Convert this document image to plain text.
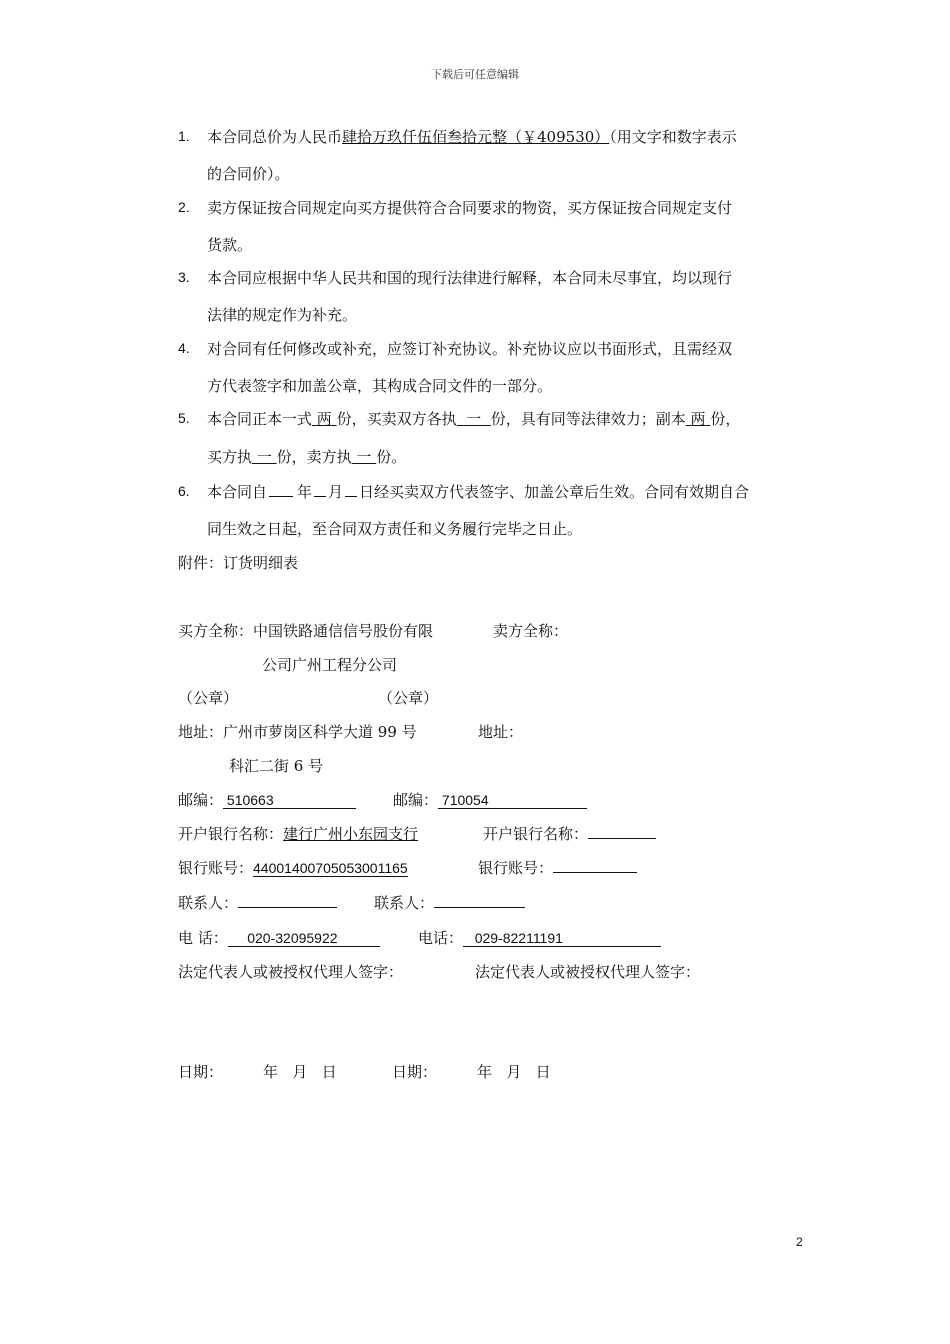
下载后可任意编辑
1. 本合同总价为人民币肆拾万玖仟伍佰叁拾元整（￥409530）（用文字和数字表示
的合同价）。
2. 卖方保证按合同规定向买方提供符合合同要求的物资，买方保证按合同规定支付
货款。
3. 本合同应根据中华人民共和国的现行法律进行解释，本合同未尽事宜，均以现行
法律的规定作为补充。
4. 对合同有任何修改或补充，应签订补充协议。补充协议应以书面形式，且需经双
方代表签字和加盖公章，其构成合同文件的一部分。
5. 本合同正本一式 两 份，买卖双方各执 一 份，具有同等法律效力；副本 两 份，
买方执 一 份，卖方执 一 份。
6. 本合同自 年 月 日经买卖双方代表签字、加盖公章后生效。合同有效期自合
同生效之日起，至合同双方责任和义务履行完毕之日止。
附件：订货明细表
买方全称：中国铁路通信信号股份有限	卖方全称：
公司广州工程分公司
（公章）	（公章）
地址：广州市萝岗区科学大道 99 号	地址：
科汇二街 6 号
邮编： 510663	邮编： 710054
开户银行名称：建行广州小东园支行	开户银行名称：
银行账号：44001400705053001165	银行账号：
联系人：	联系人：
电 话： 020-32095922	电话： 029-82211191
法定代表人或被授权代理人签字：	法定代表人或被授权代理人签字：
日期：	年   月   日	日期：	年   月   日
2
